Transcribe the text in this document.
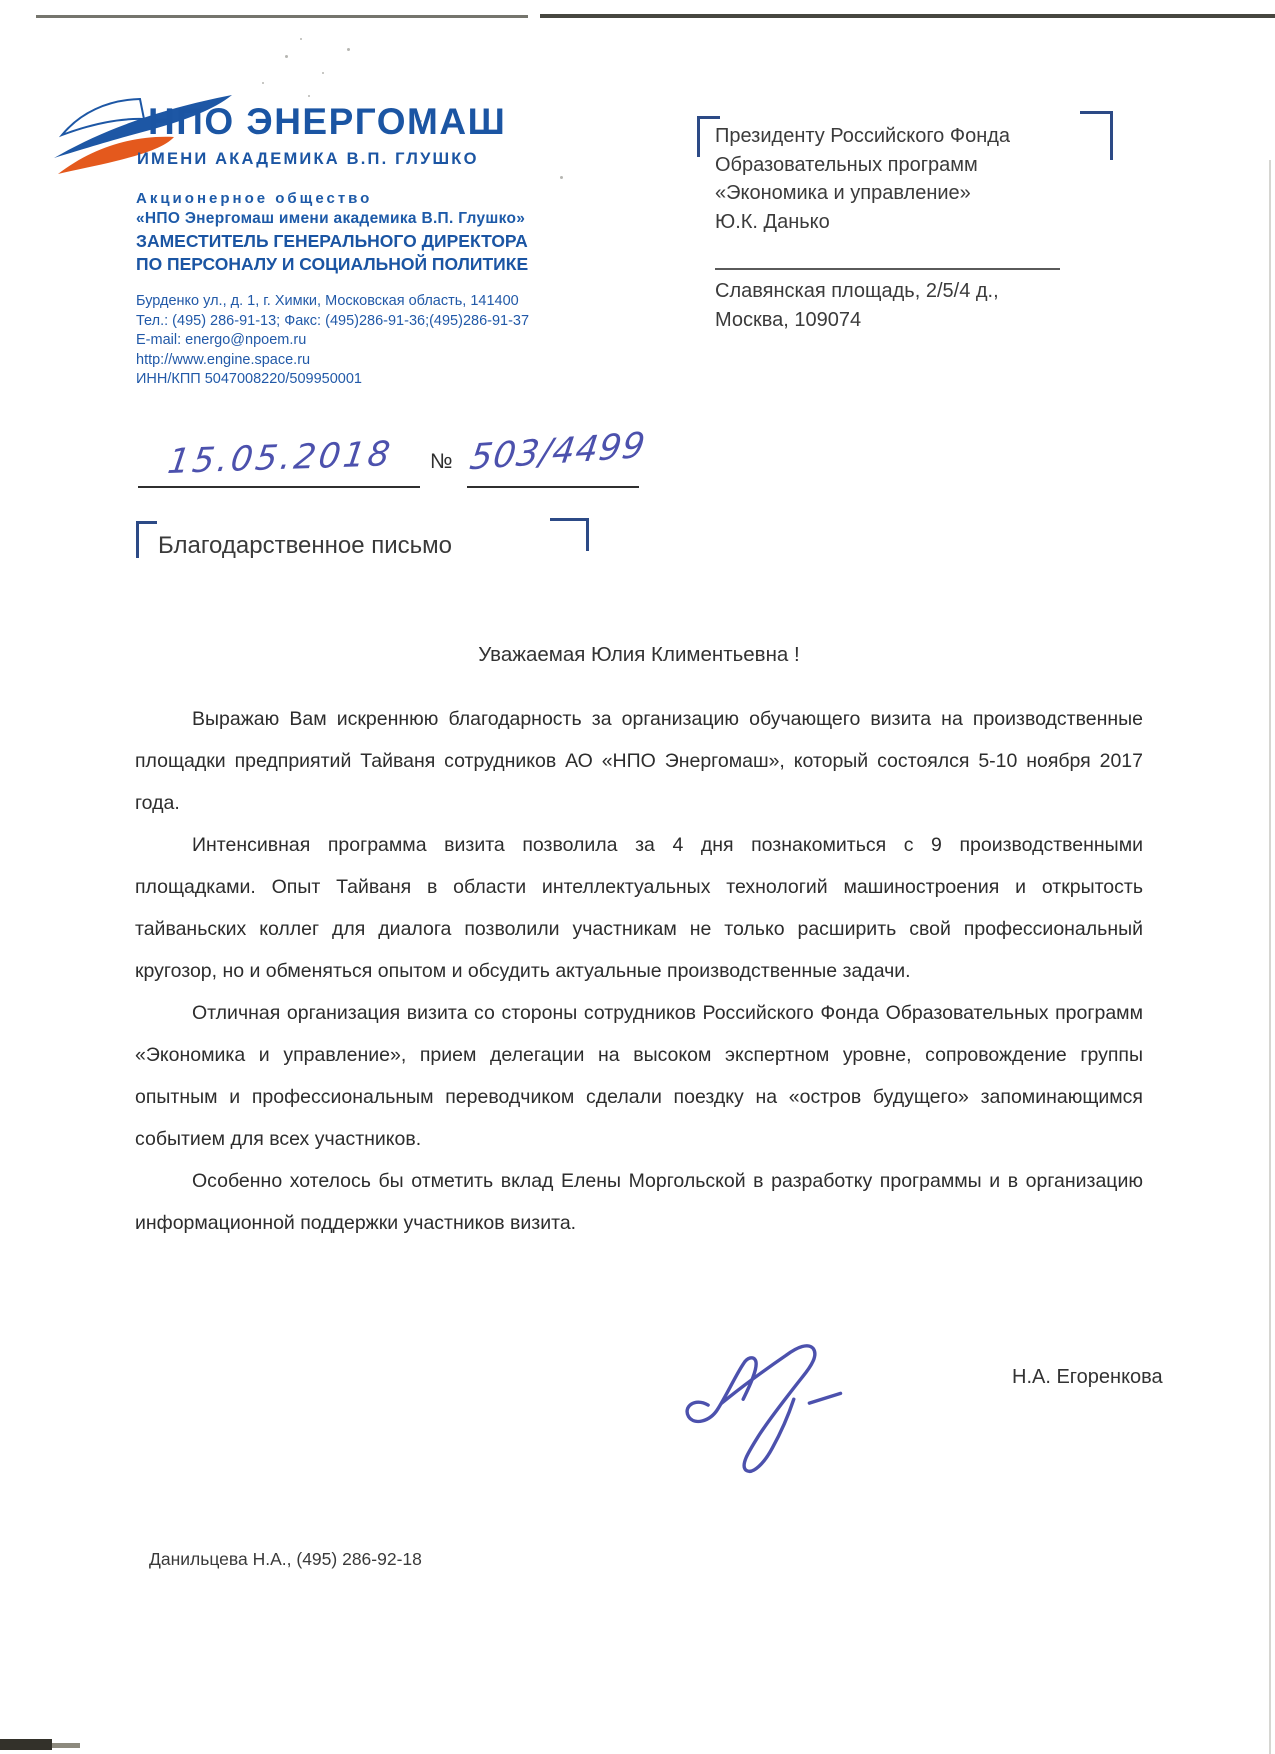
НПО ЭНЕРГОМАШ
ИМЕНИ АКАДЕМИКА В.П. ГЛУШКО
Акционерное общество
«НПО Энергомаш имени академика В.П. Глушко»
ЗАМЕСТИТЕЛЬ ГЕНЕРАЛЬНОГО ДИРЕКТОРА
ПО ПЕРСОНАЛУ И СОЦИАЛЬНОЙ ПОЛИТИКЕ
Бурденко ул., д. 1, г. Химки, Московская область, 141400
Тел.: (495) 286-91-13; Факс: (495)286-91-36;(495)286-91-37
E-mail: energo@npoem.ru
http://www.engine.space.ru
ИНН/КПП 5047008220/509950001
Президенту Российского Фонда
Образовательных программ
«Экономика и управление»
Ю.К. Данько
Славянская площадь, 2/5/4 д.,
Москва, 109074
15.05.2018 № 503/4499
Благодарственное письмо
Уважаемая Юлия Климентьевна !

Выражаю Вам искреннюю благодарность за организацию обучающего визита на производственные площадки предприятий Тайваня сотрудников АО «НПО Энергомаш», который состоялся 5-10 ноября 2017 года.

Интенсивная программа визита позволила за 4 дня познакомиться с 9 производственными площадками. Опыт Тайваня в области интеллектуальных технологий машиностроения и открытость тайваньских коллег для диалога позволили участникам не только расширить свой профессиональный кругозор, но и обменяться опытом и обсудить актуальные производственные задачи.

Отличная организация визита со стороны сотрудников Российского Фонда Образовательных программ «Экономика и управление», прием делегации на высоком экспертном уровне, сопровождение группы опытным и профессиональным переводчиком сделали поездку на «остров будущего» запоминающимся событием для всех участников.

Особенно хотелось бы отметить вклад Елены Моргольской в разработку программы и в организацию информационной поддержки участников визита.

Н.А. Егоренкова
Данильцева Н.А., (495) 286-92-18
